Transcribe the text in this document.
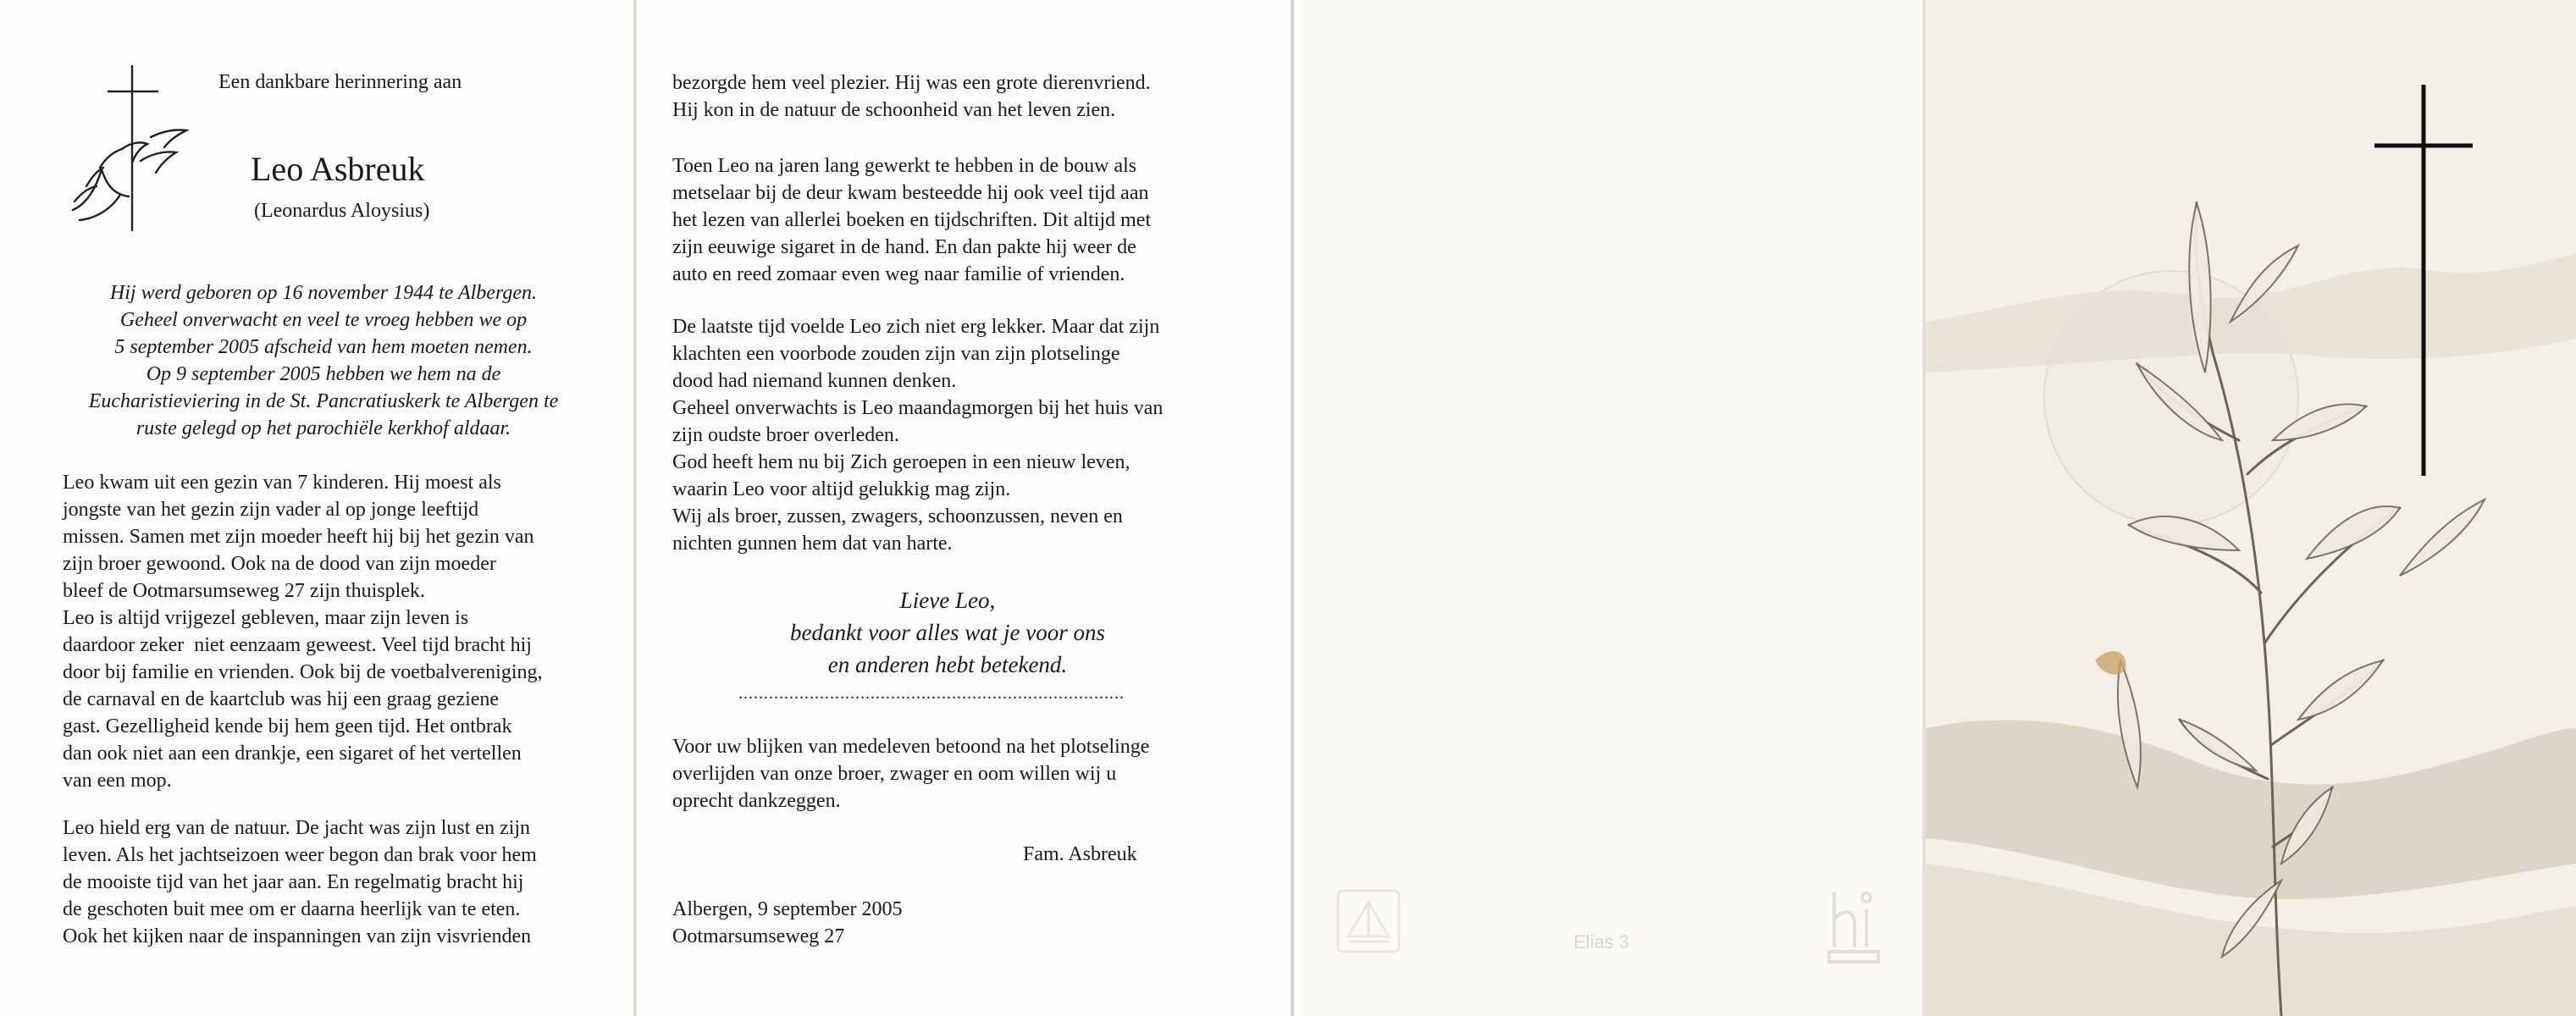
Een dankbare herinnering aan
Leo Asbreuk
(Leonardus Aloysius)
Hij werd geboren op 16 november 1944 te Albergen.
Geheel onverwacht en veel te vroeg hebben we op
5 september 2005 afscheid van hem moeten nemen.
Op 9 september 2005 hebben we hem na de
Eucharistieviering in de St. Pancratiuskerk te Albergen te
ruste gelegd op het parochiële kerkhof aldaar.
Leo kwam uit een gezin van 7 kinderen. Hij moest als
jongste van het gezin zijn vader al op jonge leeftijd
missen. Samen met zijn moeder heeft hij bij het gezin van
zijn broer gewoond. Ook na de dood van zijn moeder
bleef de Ootmarsumseweg 27 zijn thuisplek.
Leo is altijd vrijgezel gebleven, maar zijn leven is
daardoor zeker  niet eenzaam geweest. Veel tijd bracht hij
door bij familie en vrienden. Ook bij de voetbalvereniging,
de carnaval en de kaartclub was hij een graag geziene
gast. Gezelligheid kende bij hem geen tijd. Het ontbrak
dan ook niet aan een drankje, een sigaret of het vertellen
van een mop.
Leo hield erg van de natuur. De jacht was zijn lust en zijn
leven. Als het jachtseizoen weer begon dan brak voor hem
de mooiste tijd van het jaar aan. En regelmatig bracht hij
de geschoten buit mee om er daarna heerlijk van te eten.
Ook het kijken naar de inspanningen van zijn visvrienden
bezorgde hem veel plezier. Hij was een grote dierenvriend.
Hij kon in de natuur de schoonheid van het leven zien.
Toen Leo na jaren lang gewerkt te hebben in de bouw als
metselaar bij de deur kwam besteedde hij ook veel tijd aan
het lezen van allerlei boeken en tijdschriften. Dit altijd met
zijn eeuwige sigaret in de hand. En dan pakte hij weer de
auto en reed zomaar even weg naar familie of vrienden.
De laatste tijd voelde Leo zich niet erg lekker. Maar dat zijn
klachten een voorbode zouden zijn van zijn plotselinge
dood had niemand kunnen denken.
Geheel onverwachts is Leo maandagmorgen bij het huis van
zijn oudste broer overleden.
God heeft hem nu bij Zich geroepen in een nieuw leven,
waarin Leo voor altijd gelukkig mag zijn.
Wij als broer, zussen, zwagers, schoonzussen, neven en
nichten gunnen hem dat van harte.
Lieve Leo,
bedankt voor alles wat je voor ons
en anderen hebt betekend.
............................................................................
Voor uw blijken van medeleven betoond na het plotselinge
overlijden van onze broer, zwager en oom willen wij u
oprecht dankzeggen.
Fam. Asbreuk
Albergen, 9 september 2005
Ootmarsumseweg 27	Elias 3
